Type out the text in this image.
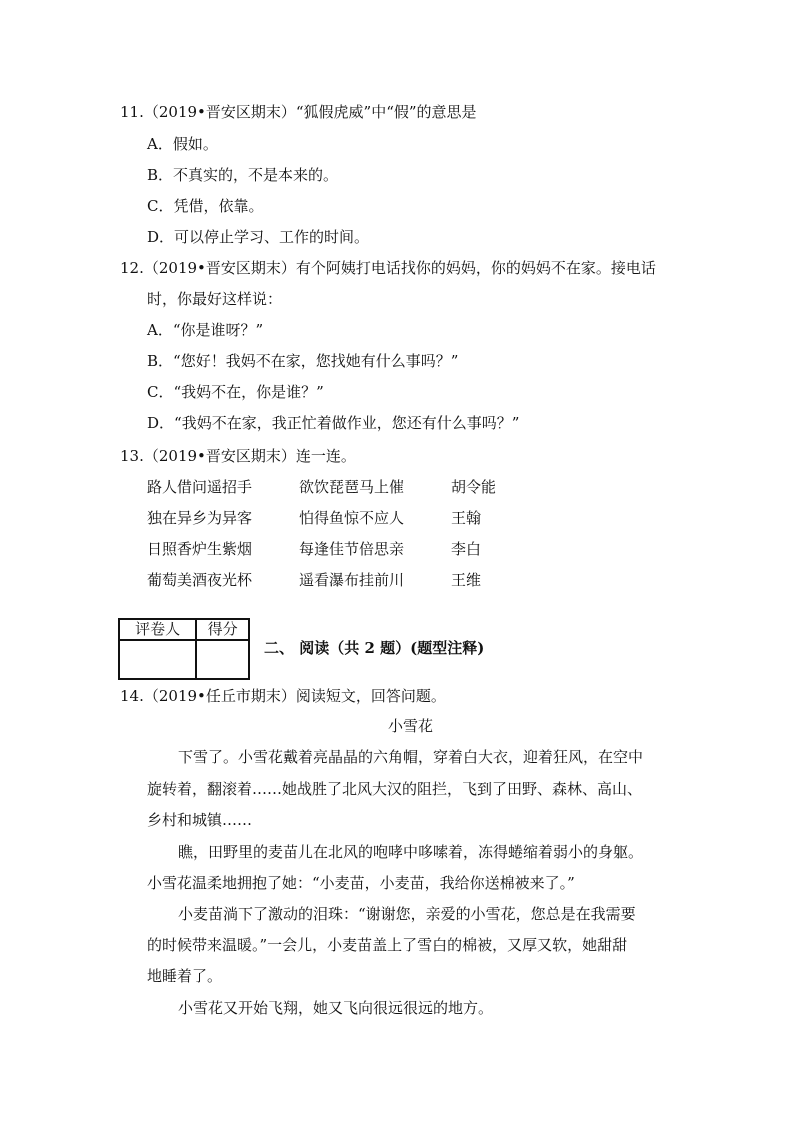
11.（2019•晋安区期末）“狐假虎威”中“假”的意思是
A．假如。
B．不真实的，不是本来的。
C．凭借，依靠。
D．可以停止学习、工作的时间。
12.（2019•晋安区期末）有个阿姨打电话找你的妈妈，你的妈妈不在家。接电话
时，你最好这样说：
A．“你是谁呀？”
B．“您好！我妈不在家，您找她有什么事吗？”
C．“我妈不在，你是谁？”
D．“我妈不在家，我正忙着做作业，您还有什么事吗？”
13.（2019•晋安区期末）连一连。
路人借问遥招手	欲饮琵琶马上催	胡令能
独在异乡为异客	怕得鱼惊不应人	王翰
日照香炉生紫烟	每逢佳节倍思亲	李白
葡萄美酒夜光杯	遥看瀑布挂前川	王维
评卷人	得分

二、 阅读（共 2 题）(题型注释)
14.（2019•任丘市期末）阅读短文，回答问题。
小雪花
下雪了。小雪花戴着亮晶晶的六角帽，穿着白大衣，迎着狂风，在空中
旋转着，翻滚着……她战胜了北风大汉的阻拦，飞到了田野、森林、高山、
乡村和城镇……
瞧，田野里的麦苗儿在北风的咆哮中哆嗦着，冻得蜷缩着弱小的身躯。
小雪花温柔地拥抱了她：“小麦苗，小麦苗，我给你送棉被来了。”
小麦苗淌下了激动的泪珠：“谢谢您，亲爱的小雪花，您总是在我需要
的时候带来温暖。”一会儿，小麦苗盖上了雪白的棉被，又厚又软，她甜甜
地睡着了。
小雪花又开始飞翔，她又飞向很远很远的地方。
